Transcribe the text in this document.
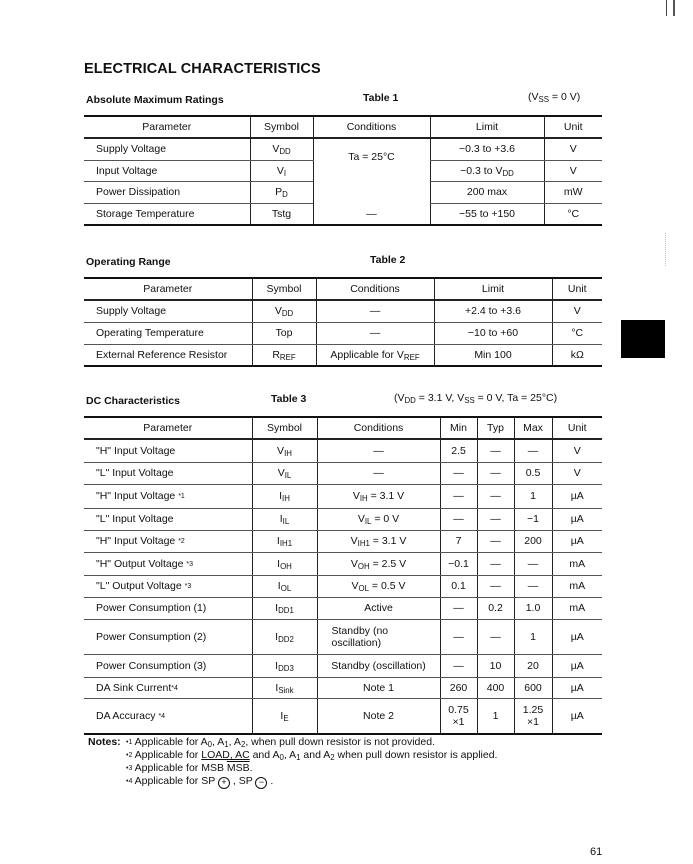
ELECTRICAL CHARACTERISTICS
Absolute Maximum Ratings	Table 1	($V_{SS} = 0$ V)
Parameter	Symbol	Conditions	Limit	Unit
Supply Voltage	$V_{DD}$	Ta = 25°C	−0.3 to +3.6	V
Input Voltage	$V_I$		−0.3 to $V_{DD}$	V
Power Dissipation	$P_D$		200 max	mW
Storage Temperature	Tstg	—	−55 to +150	°C
Operating Range	Table 2
Parameter	Symbol	Conditions	Limit	Unit
Supply Voltage	$V_{DD}$	—	+2.4 to +3.6	V
Operating Temperature	Top	—	−10 to +60	°C
External Reference Resistor	$R_{REF}$	Applicable for $V_{REF}$	Min 100	kΩ
DC Characteristics	Table 3	($V_{DD} = 3.1$ V, $V_{SS} = 0$ V, Ta = 25°C)
Parameter	Symbol	Conditions	Min	Typ	Max	Unit
"H" Input Voltage	$V_{IH}$	—	2.5	—	—	V
"L" Input Voltage	$V_{IL}$	—	—	—	0.5	V
"H" Input Voltage *1	$I_{IH}$	$V_{IH} = 3.1$ V	—	—	1	µA
"L" Input Voltage	$I_{IL}$	$V_{IL} = 0$ V	—	—	−1	µA
"H" Input Voltage *2	$I_{IH1}$	$V_{IH1} = 3.1$ V	7	—	200	µA
"H" Output Voltage *3	$I_{OH}$	$V_{OH} = 2.5$ V	−0.1	—	—	mA
"L" Output Voltage *3	$I_{OL}$	$V_{OL} = 0.5$ V	0.1	—	—	mA
Power Consumption (1)	$I_{DD1}$	Active	—	0.2	1.0	mA
Power Consumption (2)	$I_{DD2}$	Standby (no oscillation)	—	—	1	µA
Power Consumption (3)	$I_{DD3}$	Standby (oscillation)	—	10	20	µA
DA Sink Current*4	$I_{Sink}$	Note 1	260	400	600	µA
DA Accuracy *4	$I_E$	Note 2	0.75 ×1	1	1.25 ×1	µA
Notes: •1 Applicable for $A_0$, $A_1$, $A_2$, when pull down resistor is not provided.
•2 Applicable for LOAD, AC and $A_0$, $A_1$ and $A_2$ when pull down resistor is applied.
•3 Applicable for MSB $\overline{MSB}$.
•4 Applicable for SP + , SP − .
61
